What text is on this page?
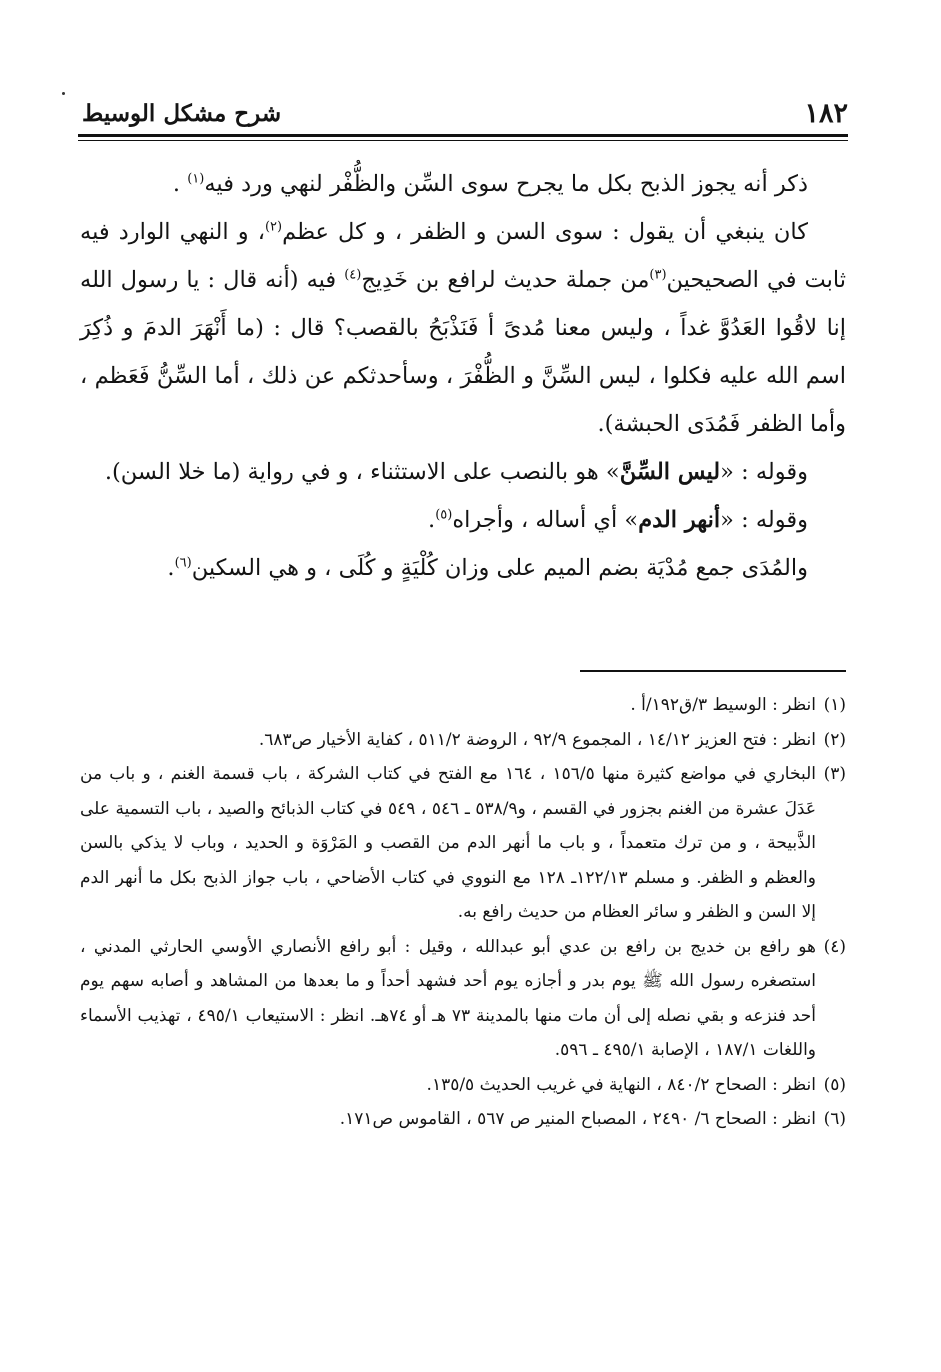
١٨٢
شرح مشكل الوسيط

ذكر أنه يجوز الذبح بكل ما يجرح سوى السِّن والظُّفْر لنهي ورد فيه$^{(١)}$ .

كان ينبغي أن يقول : سوى السن و الظفر ، و كل عظم$^{(٢)}$، و النهي الوارد فيه ثابت في الصحيحين$^{(٣)}$من جملة حديث لرافع بن خَدِيج$^{(٤)}$ فيه (أنه قال : يا رسول الله إنا لاقُوا العَدُوَّ غداً ، وليس معنا مُدىً أ فَنَذْبَحُ بالقصب؟ قال : (ما أَنْهَرَ الدمَ و ذُكِرَ اسم الله عليه فكلوا ، ليس السِّنَّ و الظُّفْرَ ، وسأحدثكم عن ذلك ، أما السِّنُّ فَعَظم ، وأما الظفر فَمُدَى الحبشة).

وقوله : «ليس السِّنَّ» هو بالنصب على الاستثناء ، و في رواية (ما خلا السن).

وقوله : «أنهر الدم» أي أساله ، وأجراه$^{(٥)}$.

والمُدَى جمع مُدْيَة بضم الميم على وزان كُلْيَةٍ و كُلَى ، و هي السكين$^{(٦)}$.

(١)
انظر : الوسيط ٣/ق١٩٢/أ .

(٢)
انظر : فتح العزيز ١٤/١٢ ، المجموع ٩٢/٩ ، الروضة ٥١١/٢ ، كفاية الأخيار ص٦٨٣.

(٣)
البخاري في مواضع كثيرة منها ١٥٦/٥ ، ١٦٤ مع الفتح في كتاب الشركة ، باب قسمة الغنم ، و باب من عَدَلَ عشرة من الغنم بجزور في القسم ، و٥٣٨/٩ ـ ٥٤٦ ، ٥٤٩ في كتاب الذبائح والصيد ، باب التسمية على الذَّبيحة ، و من ترك متعمداً ، و باب ما أنهر الدم من القصب و المَرْوَة و الحديد ، وباب لا يذكي بالسن والعظم و الظفر. و مسلم ١٢٢/١٣ـ ١٢٨ مع النووي في كتاب الأضاحي ، باب جواز الذبح بكل ما أنهر الدم إلا السن و الظفر و سائر العظام من حديث رافع به.

(٤)
هو رافع بن خديج بن رافع بن عدي أبو عبدالله ، وقيل : أبو رافع الأنصاري الأوسي الحارثي المدني ، استصغره رسول الله ﷺ يوم بدر و أجازه يوم أحد فشهد أحداً و ما بعدها من المشاهد و أصابه سهم يوم أحد فنزعه و بقي نصله إلى أن مات منها بالمدينة ٧٣ هـ أو ٧٤هـ. انظر : الاستيعاب ٤٩٥/١ ، تهذيب الأسماء واللغات ١٨٧/١ ، الإصابة ٤٩٥/١ ـ ٥٩٦.

(٥)
انظر : الصحاح ٨٤٠/٢ ، النهاية في غريب الحديث ١٣٥/٥.

(٦)
انظر : الصحاح ٦/ ٢٤٩٠ ، المصباح المنير ص ٥٦٧ ، القاموس ص١٧١.
